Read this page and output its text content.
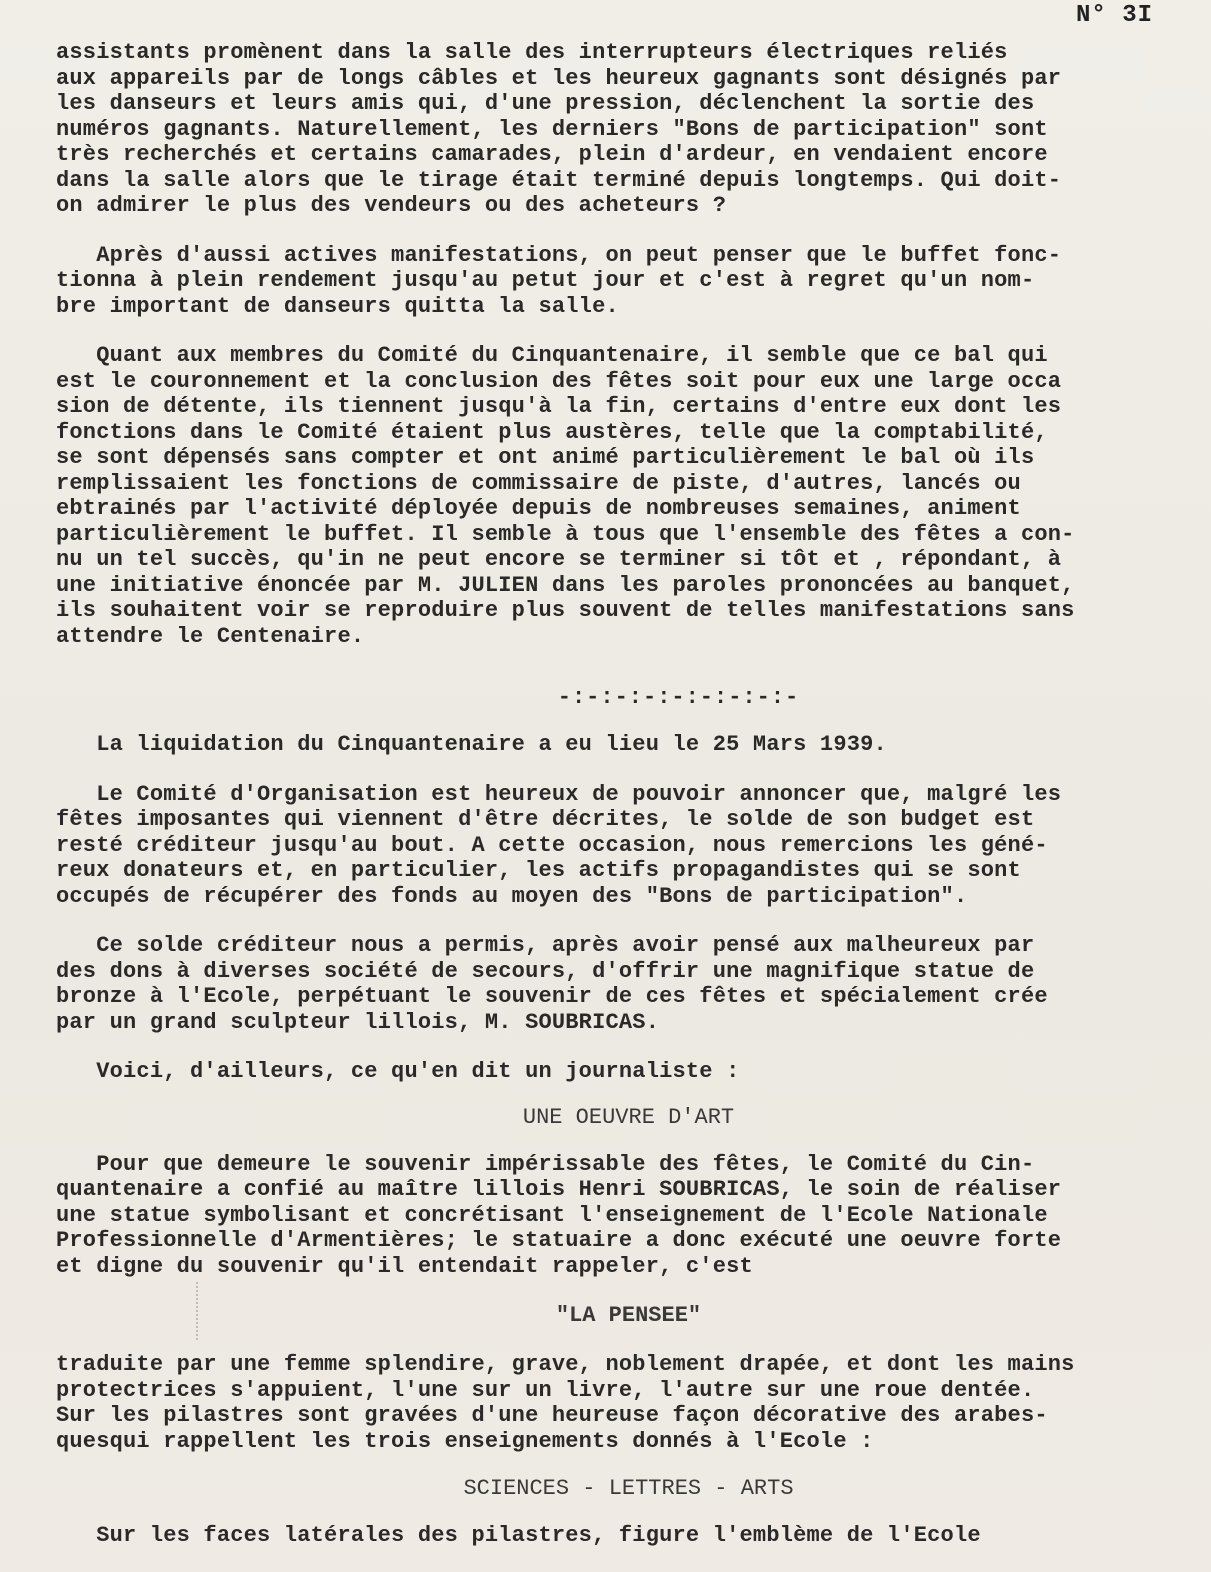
N° 3I

assistants promènent dans la salle des interrupteurs électriques reliés
aux appareils par de longs câbles et les heureux gagnants sont désignés par
les danseurs et leurs amis qui, d'une pression, déclenchent la sortie des
numéros gagnants. Naturellement, les derniers "Bons de participation" sont
très recherchés et certains camarades, plein d'ardeur, en vendaient encore
dans la salle alors que le tirage était terminé depuis longtemps. Qui doit-
on admirer le plus des vendeurs ou des acheteurs ?

Après d'aussi actives manifestations, on peut penser que le buffet fonc-
tionna à plein rendement jusqu'au petut jour et c'est à regret qu'un nom-
bre important de danseurs quitta la salle.

Quant aux membres du Comité du Cinquantenaire, il semble que ce bal qui
est le couronnement et la conclusion des fêtes soit pour eux une large occa
sion de détente, ils tiennent jusqu'à la fin, certains d'entre eux dont les
fonctions dans le Comité étaient plus austères, telle que la comptabilité,
se sont dépensés sans compter et ont animé particulièrement le bal où ils
remplissaient les fonctions de commissaire de piste, d'autres, lancés ou
ebtrainés par l'activité déployée depuis de nombreuses semaines, animent
particulièrement le buffet. Il semble à tous que l'ensemble des fêtes a con-
nu un tel succès, qu'in ne peut encore se terminer si tôt et , répondant, à
une initiative énoncée par M. JULIEN dans les paroles prononcées au banquet,
ils souhaitent voir se reproduire plus souvent de telles manifestations sans
attendre le Centenaire.

-:-:-:-:-:-:-:-:-

La liquidation du Cinquantenaire a eu lieu le 25 Mars 1939.

Le Comité d'Organisation est heureux de pouvoir annoncer que, malgré les
fêtes imposantes qui viennent d'être décrites, le solde de son budget est
resté créditeur jusqu'au bout. A cette occasion, nous remercions les géné-
reux donateurs et, en particulier, les actifs propagandistes qui se sont
occupés de récupérer des fonds au moyen des "Bons de participation".

Ce solde créditeur nous a permis, après avoir pensé aux malheureux par
des dons à diverses société de secours, d'offrir une magnifique statue de
bronze à l'Ecole, perpétuant le souvenir de ces fêtes et spécialement crée
par un grand sculpteur lillois, M. SOUBRICAS.

Voici, d'ailleurs, ce qu'en dit un journaliste :

UNE OEUVRE D'ART

Pour que demeure le souvenir impérissable des fêtes, le Comité du Cin-
quantenaire a confié au maître lillois Henri SOUBRICAS, le soin de réaliser
une statue symbolisant et concrétisant l'enseignement de l'Ecole Nationale
Professionnelle d'Armentières; le statuaire a donc exécuté une oeuvre forte
et digne du souvenir qu'il entendait rappeler, c'est

"LA PENSEE"

traduite par une femme splendire, grave, noblement drapée, et dont les mains
protectrices s'appuient, l'une sur un livre, l'autre sur une roue dentée.
Sur les pilastres sont gravées d'une heureuse façon décorative des arabes-
quesqui rappellent les trois enseignements donnés à l'Ecole :

SCIENCES - LETTRES - ARTS

Sur les faces latérales des pilastres, figure l'emblème de l'Ecole
